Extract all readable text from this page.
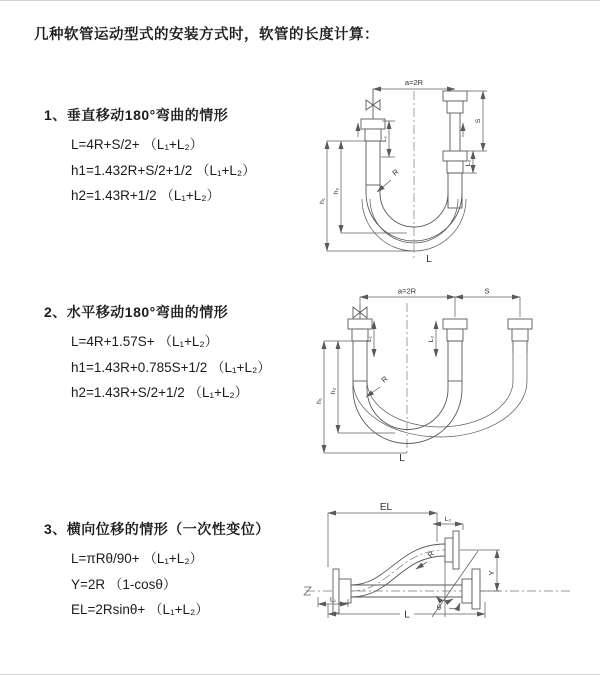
几种软管运动型式的安装方式时，软管的长度计算：
1、垂直移动180°弯曲的情形
L=4R+S/2+ （L₁+L₂）
h1=1.432R+S/2+1/2 （L₁+L₂）
h2=1.43R+1/2 （L₁+L₂）
2、水平移动180°弯曲的情形
L=4R+1.57S+ （L₁+L₂）
h1=1.43R+0.785S+1/2 （L₁+L₂）
h2=1.43R+S/2+1/2 （L₁+L₂）
3、横向位移的情形（一次性变位）
L=πRθ/90+ （L₁+L₂）
Y=2R （1-cosθ）
EL=2Rsinθ+ （L₁+L₂）
a=2R
L₁
S
L₂
h₁
h₂
R
L
a=2R	S
L₁	L₂
h₁
h₂
R
L
EL
L₂
Y
L
L₁
R
θ
